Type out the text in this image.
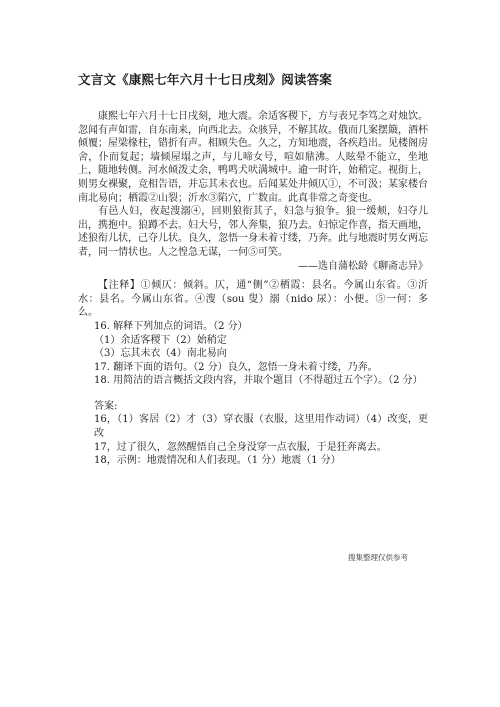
文言文《康熙七年六月十七日戌刻》阅读答案

康熙七年六月十七日戌刻，地大震。余适客稷下，方与表兄李笃之对烛饮。忽闻有声如雷，自东南来，向西北去。众骇异，不解其故。俄而几案摆簸，酒杯倾覆；屋梁椽柱，错折有声。相顾失色。久之，方知地震，各疾趋出。见楼阁房舍，仆而复起；墙倾屋塌之声，与儿啼女号，喧如鼎沸。人眩晕不能立，坐地上，随地转侧。河水倾泼丈余，鸭鸣犬吠满城中。逾一时许，始稍定。视街上，则男女裸聚，竞相告语，并忘其未衣也。后闻某处井倾仄①，不可汲；某家楼台南北易向；栖霞②山裂；沂水③陷穴，广数亩。此真非常之奇变也。

有邑人妇，夜起溲溺④，回则狼衔其子，妇急与狼争。狼一缓颊，妇夺儿出，携抱中。狼蹲不去。妇大号，邻人奔集，狼乃去。妇惊定作喜，指天画地，述狼衔儿状，己夺儿状。良久，忽悟一身未着寸缕，乃奔。此与地震时男女两忘者，同一情状也。人之惶急无谋，一何⑤可笑。

——选自蒲松龄《聊斋志异》

【注释】①倾仄：倾斜。仄，通“侧”②栖霞：县名。今属山东省。③沂水：县名。今属山东省。④溲（sou 叟）溺（nido 尿）：小便。⑤一何：多么。

16. 解释下列加点的词语。（2 分）

（1）余适客稷下（2）始稍定

（3）忘其未衣（4）南北易向

17. 翻译下面的语句。（2 分）良久，忽悟一身未着寸缕，乃奔。

18. 用简洁的语言概括文段内容，并取个题目（不得超过五个字）。（2 分）

答案:

16，（1）客居（2）才（3）穿衣服（衣服，这里用作动词）（4）改变，更改

17，过了很久，忽然醒悟自己全身没穿一点衣服，于是狂奔离去。

18，示例：地震情况和人们表现。（1 分）地震（1 分）

搜集整理仅供参考
